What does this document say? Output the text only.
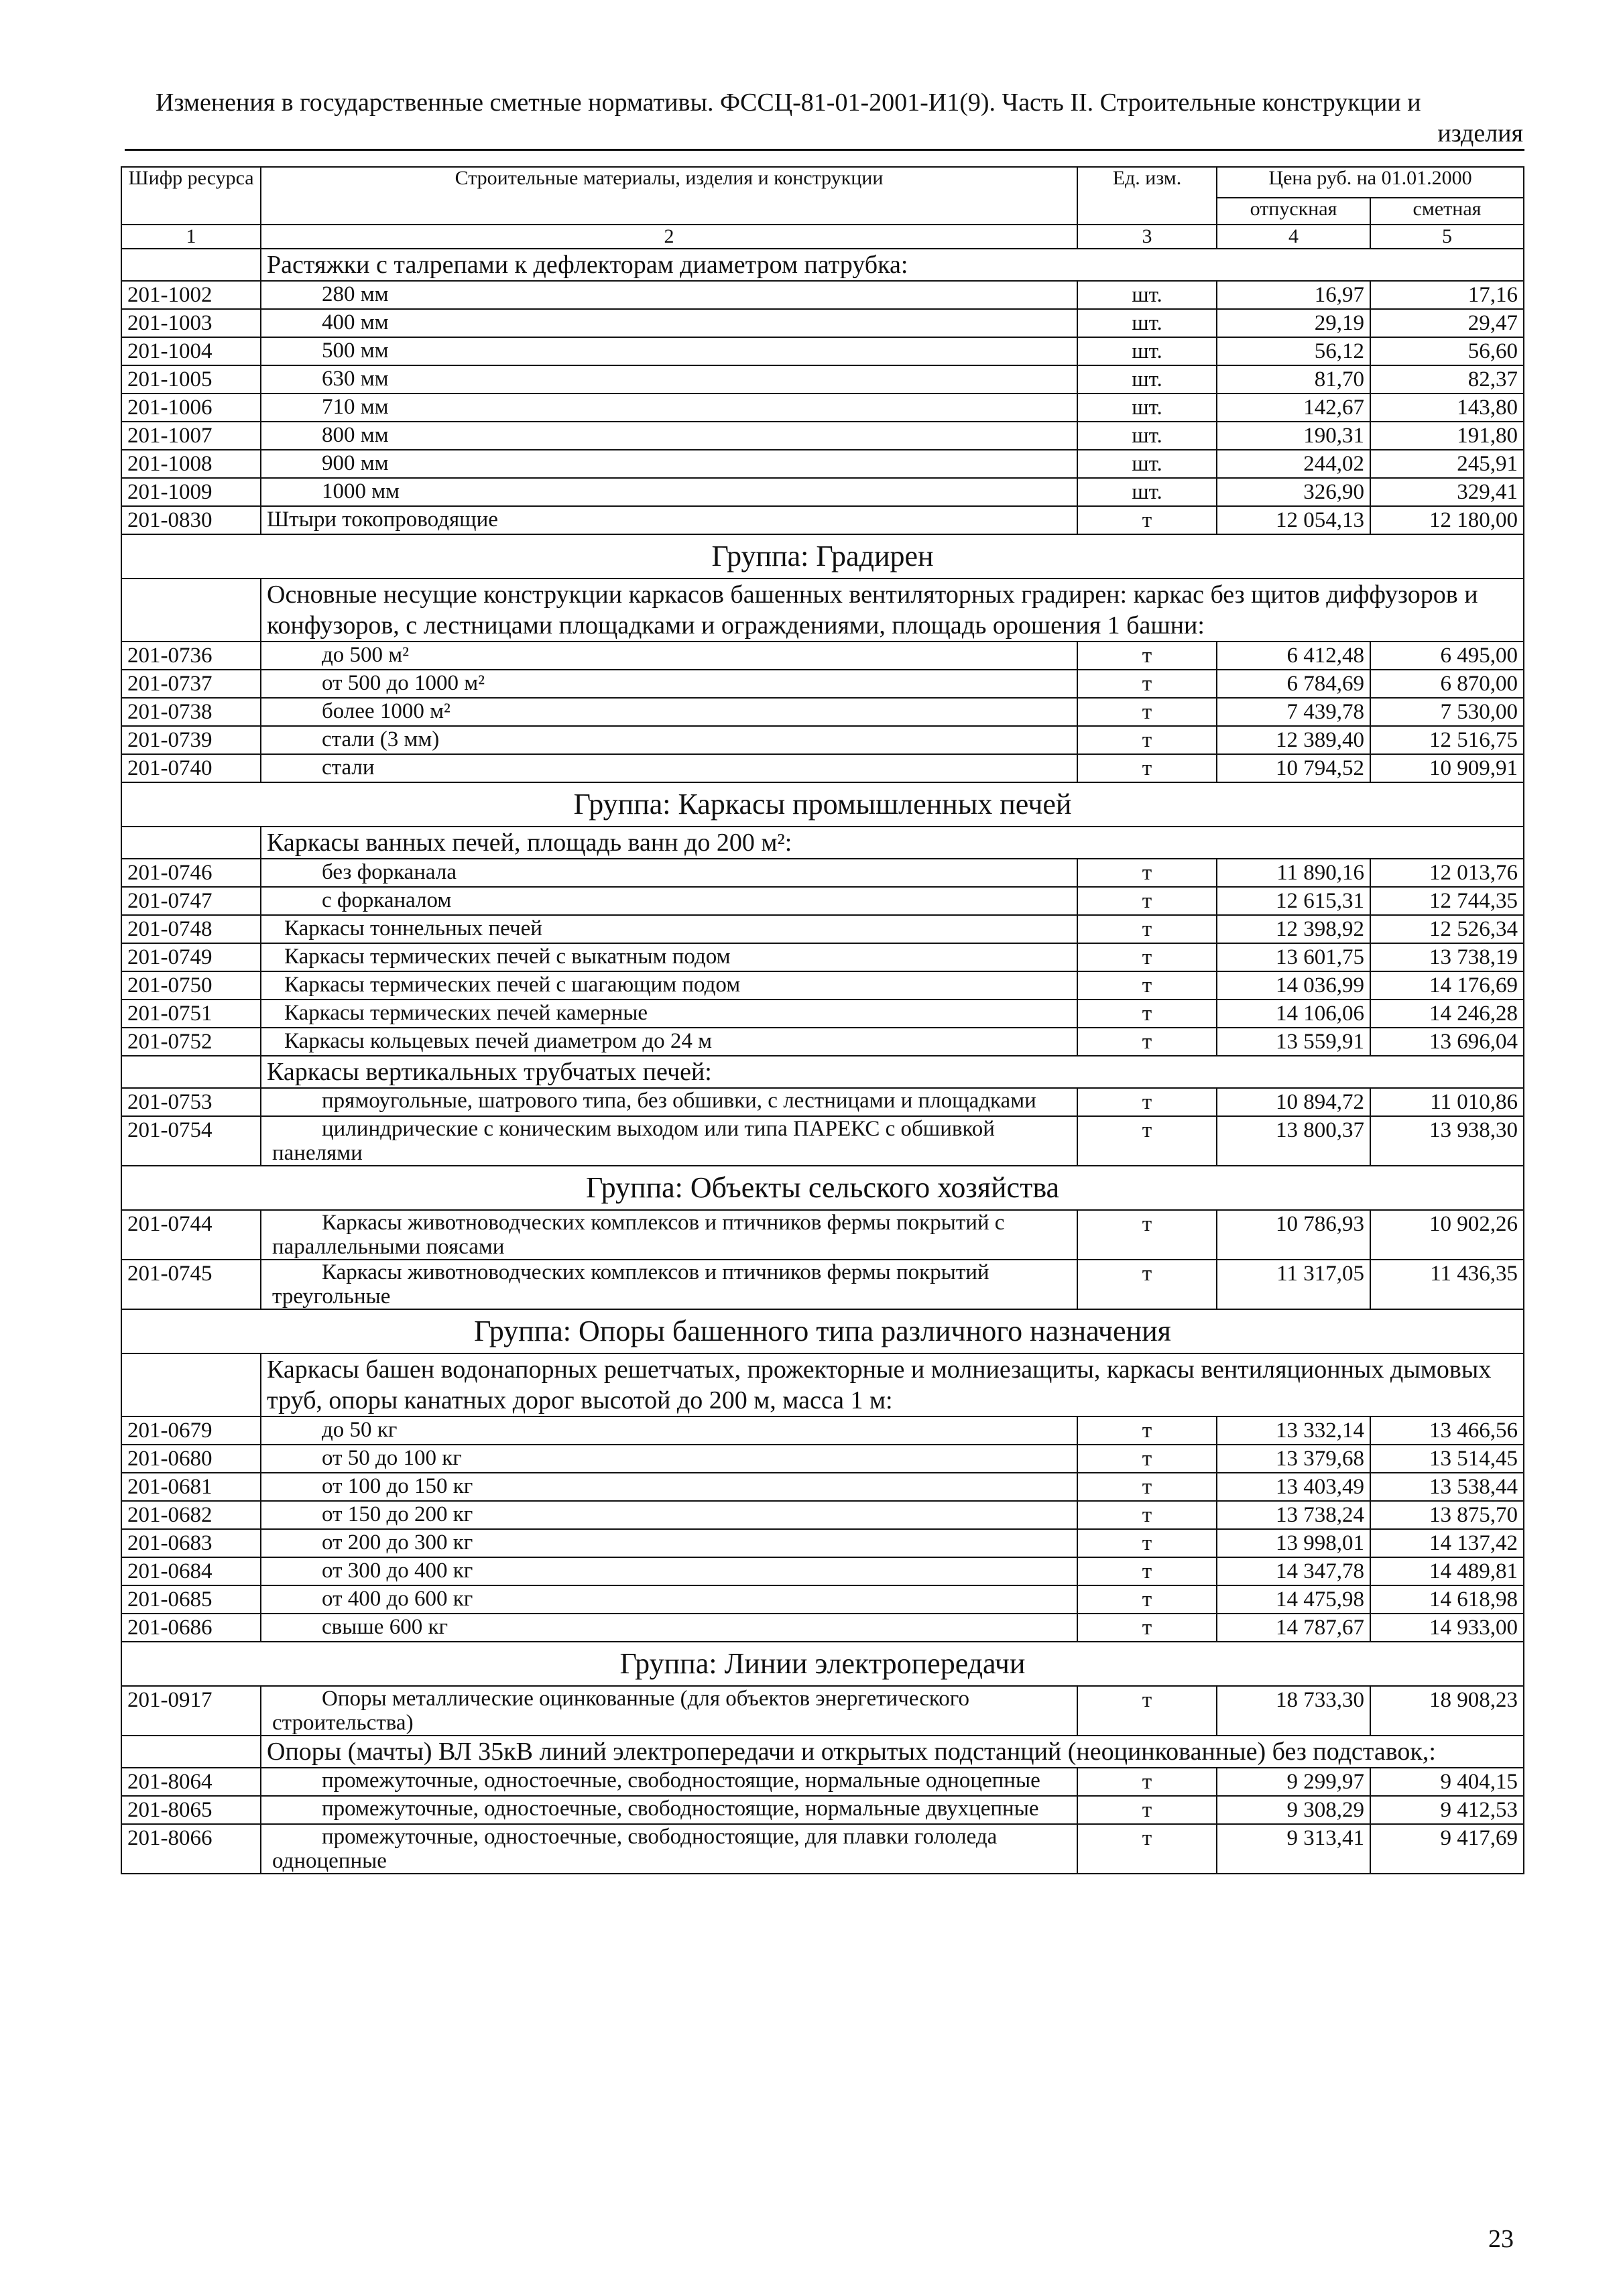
Изменения в государственные сметные нормативы. ФССЦ-81-01-2001-И1(9). Часть II. Строительные конструкции и
изделия
Шифр ресурса	Строительные материалы, изделия и конструкции	Ед. изм.	Цена руб. на 01.01.2000	
			отпускная	сметная
1	2	3	4	5
	Растяжки с талрепами к дефлекторам диаметром патрубка:			
201-1002	280 мм	шт.	16,97	17,16
201-1003	400 мм	шт.	29,19	29,47
201-1004	500 мм	шт.	56,12	56,60
201-1005	630 мм	шт.	81,70	82,37
201-1006	710 мм	шт.	142,67	143,80
201-1007	800 мм	шт.	190,31	191,80
201-1008	900 мм	шт.	244,02	245,91
201-1009	1000 мм	шт.	326,90	329,41
201-0830	Штыри токопроводящие	т	12 054,13	12 180,00
Группа: Градирен				
	Основные несущие конструкции каркасов башенных вентиляторных градирен: каркас без щитов диффузоров и конфузоров, с лестницами площадками и ограждениями, площадь орошения 1 башни:			
201-0736	до 500 м²	т	6 412,48	6 495,00
201-0737	от 500 до 1000 м²	т	6 784,69	6 870,00
201-0738	более 1000 м²	т	7 439,78	7 530,00
201-0739	стали (3 мм)	т	12 389,40	12 516,75
201-0740	стали	т	10 794,52	10 909,91
Группа: Каркасы промышленных печей				
	Каркасы ванных печей, площадь ванн до 200 м²:			
201-0746	без форканала	т	11 890,16	12 013,76
201-0747	с форканалом	т	12 615,31	12 744,35
201-0748	Каркасы тоннельных печей	т	12 398,92	12 526,34
201-0749	Каркасы термических печей с выкатным подом	т	13 601,75	13 738,19
201-0750	Каркасы термических печей с шагающим подом	т	14 036,99	14 176,69
201-0751	Каркасы термических печей камерные	т	14 106,06	14 246,28
201-0752	Каркасы кольцевых печей диаметром до 24 м	т	13 559,91	13 696,04
	Каркасы вертикальных трубчатых печей:			
201-0753	прямоугольные, шатрового типа, без обшивки, с лестницами и площадками	т	10 894,72	11 010,86
201-0754	цилиндрические с коническим выходом или типа ПАРЕКС с обшивкой панелями	т	13 800,37	13 938,30
Группа: Объекты сельского хозяйства				
201-0744	Каркасы животноводческих комплексов и птичников фермы покрытий с параллельными поясами	т	10 786,93	10 902,26
201-0745	Каркасы животноводческих комплексов и птичников фермы покрытий треугольные	т	11 317,05	11 436,35
Группа: Опоры башенного типа различного назначения				
	Каркасы башен водонапорных решетчатых, прожекторные и молниезащиты, каркасы вентиляционных дымовых труб, опоры канатных дорог высотой до 200 м, масса 1 м:			
201-0679	до 50 кг	т	13 332,14	13 466,56
201-0680	от 50 до 100 кг	т	13 379,68	13 514,45
201-0681	от 100 до 150 кг	т	13 403,49	13 538,44
201-0682	от 150 до 200 кг	т	13 738,24	13 875,70
201-0683	от 200 до 300 кг	т	13 998,01	14 137,42
201-0684	от 300 до 400 кг	т	14 347,78	14 489,81
201-0685	от 400 до 600 кг	т	14 475,98	14 618,98
201-0686	свыше 600 кг	т	14 787,67	14 933,00
Группа: Линии электропередачи				
201-0917	Опоры металлические оцинкованные (для объектов энергетического строительства)	т	18 733,30	18 908,23
	Опоры (мачты) ВЛ 35кВ линий электропередачи и открытых подстанций (неоцинкованные) без подставок,:			
201-8064	промежуточные, одностоечные, свободностоящие, нормальные одноцепные	т	9 299,97	9 404,15
201-8065	промежуточные, одностоечные, свободностоящие, нормальные двухцепные	т	9 308,29	9 412,53
201-8066	промежуточные, одностоечные, свободностоящие, для плавки гололеда одноцепные	т	9 313,41	9 417,69
23
